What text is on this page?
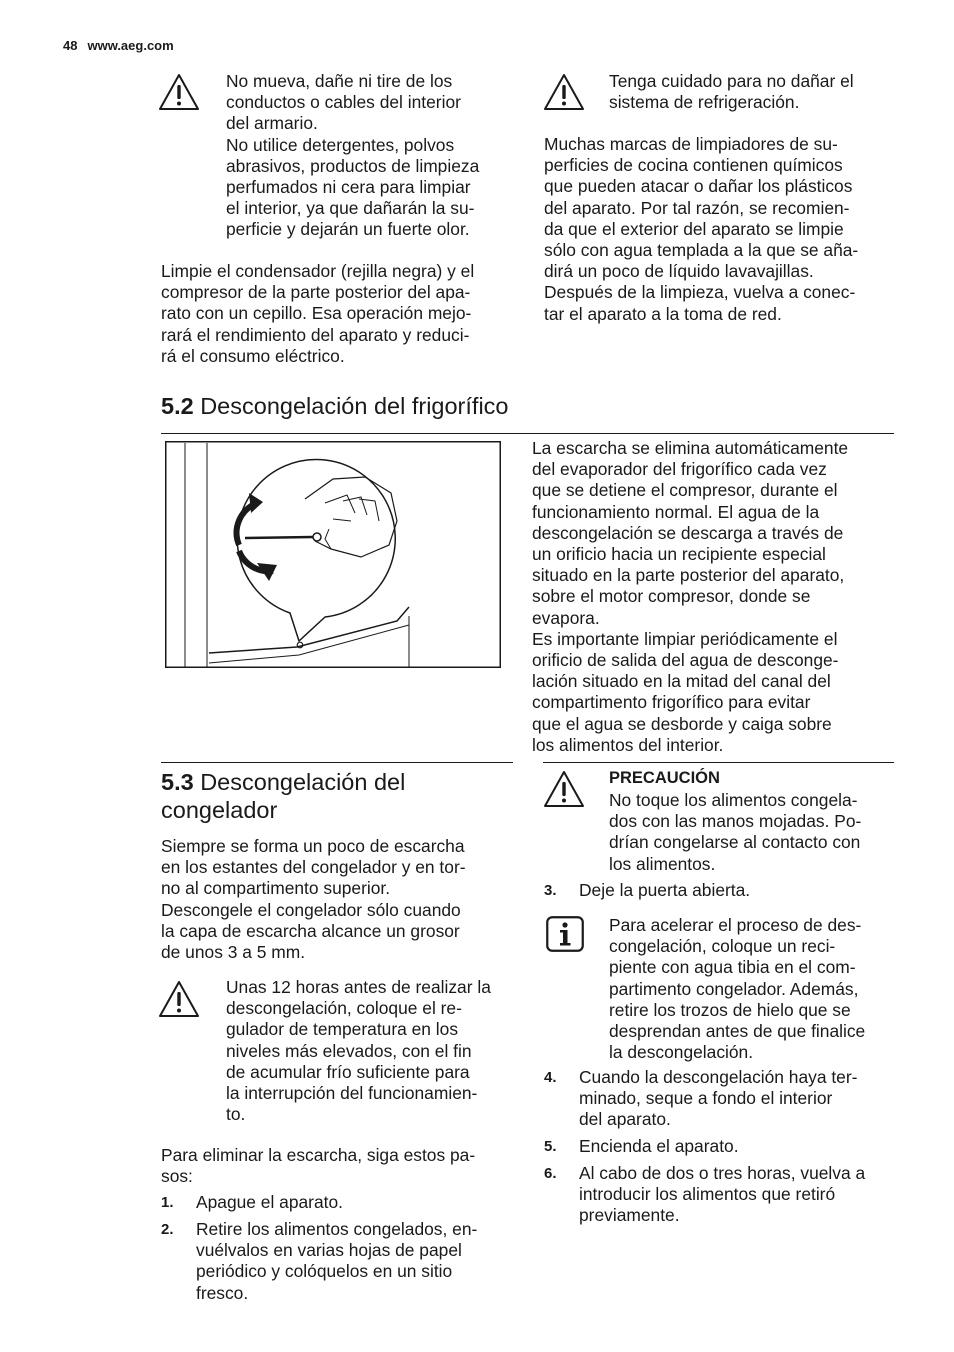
48 www.aeg.com
No mueva, dañe ni tire de los
conductos o cables del interior
del armario.
No utilice detergentes, polvos
abrasivos, productos de limpieza
perfumados ni cera para limpiar
el interior, ya que dañarán la su-
perficie y dejarán un fuerte olor.
Limpie el condensador (rejilla negra) y el
compresor de la parte posterior del apa-
rato con un cepillo. Esa operación mejo-
rará el rendimiento del aparato y reduci-
rá el consumo eléctrico.
Tenga cuidado para no dañar el
sistema de refrigeración.
Muchas marcas de limpiadores de su-
perficies de cocina contienen químicos
que pueden atacar o dañar los plásticos
del aparato. Por tal razón, se recomien-
da que el exterior del aparato se limpie
sólo con agua templada a la que se aña-
dirá un poco de líquido lavavajillas.
Después de la limpieza, vuelva a conec-
tar el aparato a la toma de red.
5.2 Descongelación del frigorífico
La escarcha se elimina automáticamente
del evaporador del frigorífico cada vez
que se detiene el compresor, durante el
funcionamiento normal. El agua de la
descongelación se descarga a través de
un orificio hacia un recipiente especial
situado en la parte posterior del aparato,
sobre el motor compresor, donde se
evapora.
Es importante limpiar periódicamente el
orificio de salida del agua de desconge-
lación situado en la mitad del canal del
compartimento frigorífico para evitar
que el agua se desborde y caiga sobre
los alimentos del interior.
5.3 Descongelación del
congelador
Siempre se forma un poco de escarcha
en los estantes del congelador y en tor-
no al compartimento superior.
Descongele el congelador sólo cuando
la capa de escarcha alcance un grosor
de unos 3 a 5 mm.
Unas 12 horas antes de realizar la
descongelación, coloque el re-
gulador de temperatura en los
niveles más elevados, con el fin
de acumular frío suficiente para
la interrupción del funcionamien-
to.
Para eliminar la escarcha, siga estos pa-
sos:
1. Apague el aparato.
2. Retire los alimentos congelados, en-
vuélvalos en varias hojas de papel
periódico y colóquelos en un sitio
fresco.
PRECAUCIÓN
No toque los alimentos congela-
dos con las manos mojadas. Po-
drían congelarse al contacto con
los alimentos.
3. Deje la puerta abierta.
Para acelerar el proceso de des-
congelación, coloque un reci-
piente con agua tibia en el com-
partimento congelador. Además,
retire los trozos de hielo que se
desprendan antes de que finalice
la descongelación.
4. Cuando la descongelación haya ter-
minado, seque a fondo el interior
del aparato.
5. Encienda el aparato.
6. Al cabo de dos o tres horas, vuelva a
introducir los alimentos que retiró
previamente.
